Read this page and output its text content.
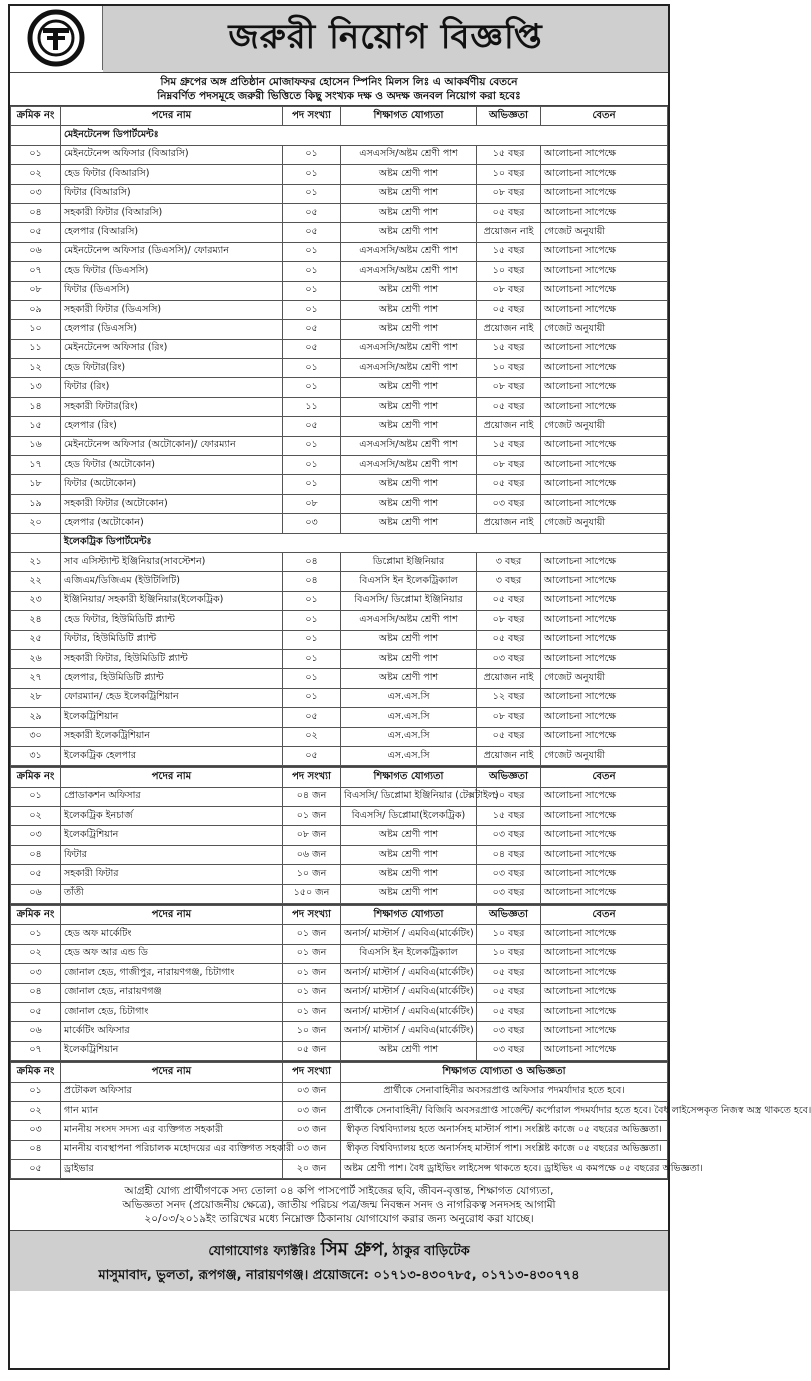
জরুরী নিয়োগ বিজ্ঞপ্তি
সিম গ্রুপের অঙ্গ প্রতিষ্ঠান মোজাফফর হোসেন স্পিনিং মিলস লিঃ এ আকর্ষণীয় বেতনে
নিম্নবর্ণিত পদসমূহে জরুরী ভিত্তিতে কিছু সংখ্যক দক্ষ ও অদক্ষ জনবল নিয়োগ করা হবেঃ
ক্রমিক নং	পদের নাম	পদ সংখ্যা	শিক্ষাগত যোগ্যতা	অভিজ্ঞতা	বেতন
	মেইনটেনেন্স ডিপার্টমেন্টঃ				
০১	মেইনটেনেন্স অফিসার (বিআরসি)	০১	এসএসসি/অষ্টম শ্রেণী পাশ	১৫ বছর	আলোচনা সাপেক্ষে
০২	হেড ফিটার (বিআরসি)	০১	অষ্টম শ্রেণী পাশ	১০ বছর	আলোচনা সাপেক্ষে
০৩	ফিটার (বিআরসি)	০১	অষ্টম শ্রেণী পাশ	০৮ বছর	আলোচনা সাপেক্ষে
০৪	সহকারী ফিটার (বিআরসি)	০৫	অষ্টম শ্রেণী পাশ	০৫ বছর	আলোচনা সাপেক্ষে
০৫	হেলপার (বিআরসি)	০৫	অষ্টম শ্রেণী পাশ	প্রয়োজন নাই	গেজেট অনুযায়ী
০৬	মেইনটেনেন্স অফিসার (ডিএসসি)/ ফোরম্যান	০১	এসএসসি/অষ্টম শ্রেণী পাশ	১৫ বছর	আলোচনা সাপেক্ষে
০৭	হেড ফিটার (ডিএসসি)	০১	এসএসসি/অষ্টম শ্রেণী পাশ	১০ বছর	আলোচনা সাপেক্ষে
০৮	ফিটার (ডিএসসি)	০১	অষ্টম শ্রেণী পাশ	০৮ বছর	আলোচনা সাপেক্ষে
০৯	সহকারী ফিটার (ডিএসসি)	০১	অষ্টম শ্রেণী পাশ	০৫ বছর	আলোচনা সাপেক্ষে
১০	হেলপার (ডিএসসি)	০৫	অষ্টম শ্রেণী পাশ	প্রয়োজন নাই	গেজেট অনুযায়ী
১১	মেইনটেনেন্স অফিসার (রিং)	০৫	এসএসসি/অষ্টম শ্রেণী পাশ	১৫ বছর	আলোচনা সাপেক্ষে
১২	হেড ফিটার(রিং)	০১	এসএসসি/অষ্টম শ্রেণী পাশ	১০ বছর	আলোচনা সাপেক্ষে
১৩	ফিটার (রিং)	০১	অষ্টম শ্রেণী পাশ	০৮ বছর	আলোচনা সাপেক্ষে
১৪	সহকারী ফিটার(রিং)	১১	অষ্টম শ্রেণী পাশ	০৫ বছর	আলোচনা সাপেক্ষে
১৫	হেলপার (রিং)	০৫	অষ্টম শ্রেণী পাশ	প্রয়োজন নাই	গেজেট অনুযায়ী
১৬	মেইনটেনেন্স অফিসার (অটোকোন)/ ফোরম্যান	০১	এসএসসি/অষ্টম শ্রেণী পাশ	১৫ বছর	আলোচনা সাপেক্ষে
১৭	হেড ফিটার (অটোকোন)	০১	এসএসসি/অষ্টম শ্রেণী পাশ	০৮ বছর	আলোচনা সাপেক্ষে
১৮	ফিটার (অটোকোন)	০১	অষ্টম শ্রেণী পাশ	০৫ বছর	আলোচনা সাপেক্ষে
১৯	সহকারী ফিটার (অটোকোন)	০৮	অষ্টম শ্রেণী পাশ	০৩ বছর	আলোচনা সাপেক্ষে
২০	হেলপার (অটোকোন)	০৩	অষ্টম শ্রেণী পাশ	প্রয়োজন নাই	গেজেট অনুযায়ী
	ইলেকট্রিক ডিপার্টমেন্টঃ				
২১	সাব এসিস্ট্যান্ট ইঞ্জিনিয়ার(সাবস্টেশন)	০৪	ডিপ্লোমা ইঞ্জিনিয়ার	৩ বছর	আলোচনা সাপেক্ষে
২২	এজিএম/ডিজিএম (ইউটিলিটি)	০৪	বিএসসি ইন ইলেকট্রিক্যাল	৩ বছর	আলোচনা সাপেক্ষে
২৩	ইঞ্জিনিয়ার/ সহকারী ইঞ্জিনিয়ার(ইলেকট্রিক)	০১	বিএসসি/ ডিপ্লোমা ইঞ্জিনিয়ার	০৫ বছর	আলোচনা সাপেক্ষে
২৪	হেড ফিটার, হিউমিডিটি প্ল্যান্ট	০১	এসএসসি/অষ্টম শ্রেণী পাশ	০৮ বছর	আলোচনা সাপেক্ষে
২৫	ফিটার, হিউমিডিটি প্ল্যান্ট	০১	অষ্টম শ্রেণী পাশ	০৫ বছর	আলোচনা সাপেক্ষে
২৬	সহকারী ফিটার, হিউমিডিটি প্ল্যান্ট	০১	অষ্টম শ্রেণী পাশ	০৩ বছর	আলোচনা সাপেক্ষে
২৭	হেলপার, হিউমিডিটি প্ল্যান্ট	০১	অষ্টম শ্রেণী পাশ	প্রয়োজন নাই	গেজেট অনুযায়ী
২৮	ফোরম্যান/ হেড ইলেকট্রিশিয়ান	০১	এস.এস.সি	১২ বছর	আলোচনা সাপেক্ষে
২৯	ইলেকট্রিশিয়ান	০৫	এস.এস.সি	০৮ বছর	আলোচনা সাপেক্ষে
৩০	সহকারী ইলেকট্রিশিয়ান	০২	এস.এস.সি	০৫ বছর	আলোচনা সাপেক্ষে
৩১	ইলেকট্রিক হেলপার	০৫	এস.এস.সি	প্রয়োজন নাই	গেজেট অনুযায়ী
ক্রমিক নং	পদের নাম	পদ সংখ্যা	শিক্ষাগত যোগ্যতা	অভিজ্ঞতা	বেতন
০১	প্রোডাকশন অফিসার	০৪ জন	বিএসসি/ ডিপ্লোমা ইঞ্জিনিয়ার (টেক্সটাইল)	১০ বছর	আলোচনা সাপেক্ষে
০২	ইলেকট্রিক ইনচার্জ	০১ জন	বিএসসি/ ডিপ্লোমা(ইলেকট্রিক)	১৫ বছর	আলোচনা সাপেক্ষে
০৩	ইলেকট্রিশিয়ান	০৮ জন	অষ্টম শ্রেণী পাশ	০৩ বছর	আলোচনা সাপেক্ষে
০৪	ফিটার	০৬ জন	অষ্টম শ্রেণী পাশ	০৪ বছর	আলোচনা সাপেক্ষে
০৫	সহকারী ফিটার	১০ জন	অষ্টম শ্রেণী পাশ	০৩ বছর	আলোচনা সাপেক্ষে
০৬	তাঁতী	১৫০ জন	অষ্টম শ্রেণী পাশ	০৩ বছর	আলোচনা সাপেক্ষে
ক্রমিক নং	পদের নাম	পদ সংখ্যা	শিক্ষাগত যোগ্যতা	অভিজ্ঞতা	বেতন
০১	হেড অফ মার্কেটিং	০১ জন	অনার্স/ মাস্টার্স / এমবিএ(মার্কেটিং)	১০ বছর	আলোচনা সাপেক্ষে
০২	হেড অফ আর এন্ড ডি	০১ জন	বিএসসি ইন ইলেকট্রিক্যাল	১০ বছর	আলোচনা সাপেক্ষে
০৩	জোনাল হেড, গাজীপুর, নারায়ণগঞ্জ, চিটাগাং	০১ জন	অনার্স/ মাস্টার্স / এমবিএ(মার্কেটিং)	০৫ বছর	আলোচনা সাপেক্ষে
০৪	জোনাল হেড, নারায়ণগঞ্জ	০১ জন	অনার্স/ মাস্টার্স / এমবিএ(মার্কেটিং)	০৫ বছর	আলোচনা সাপেক্ষে
০৫	জোনাল হেড, চিটাগাং	০১ জন	অনার্স/ মাস্টার্স / এমবিএ(মার্কেটিং)	০৫ বছর	আলোচনা সাপেক্ষে
০৬	মার্কেটিং অফিসার	১০ জন	অনার্স/ মাস্টার্স / এমবিএ(মার্কেটিং)	০৩ বছর	আলোচনা সাপেক্ষে
০৭	ইলেকট্রিশিয়ান	০৫ জন	অষ্টম শ্রেণী পাশ	০৩ বছর	আলোচনা সাপেক্ষে
ক্রমিক নং	পদের নাম	পদ সংখ্যা	শিক্ষাগত যোগ্যতা ও অভিজ্ঞতা
০১	প্রটোকল অফিসার	০৩ জন	প্রার্থীকে সেনাবাহিনীর অবসরপ্রাপ্ত অফিসার পদমর্যাদার হতে হবে।
০২	গান ম্যান	০৩ জন	প্রার্থীকে সেনাবাহিনী/ বিজিবি অবসরপ্রাপ্ত সার্জেন্ট/ কর্পোরাল পদমর্যাদার হতে হবে। বৈধ লাইসেন্সকৃত নিজস্ব অস্ত্র থাকতে হবে।
০৩	মাননীয় সংসদ সদস্য এর ব্যক্তিগত সহকারী	০৩ জন	স্বীকৃত বিশ্ববিদ্যালয় হতে অনার্সসহ মাস্টার্স পাশ। সংশ্লিষ্ট কাজে ০৫ বছরের অভিজ্ঞতা।
০৪	মাননীয় ব্যবস্থাপনা পরিচালক মহোদয়ের এর ব্যক্তিগত সহকারী	০৩ জন	স্বীকৃত বিশ্ববিদ্যালয় হতে অনার্সসহ মাস্টার্স পাশ। সংশ্লিষ্ট কাজে ০৫ বছরের অভিজ্ঞতা।
০৫	ড্রাইভার	২০ জন	অষ্টম শ্রেণী পাশ। বৈধ ড্রাইভিং লাইসেন্স থাকতে হবে। ড্রাইভিং এ কমপক্ষে ০৫ বছরের অভিজ্ঞতা।
আগ্রহী যোগ্য প্রার্থীগণকে সদ্য তোলা ০৪ কপি পাসপোর্ট সাইজের ছবি, জীবন-বৃত্তান্ত, শিক্ষাগত যোগ্যতা,
অভিজ্ঞতা সনদ (প্রয়োজনীয় ক্ষেত্রে), জাতীয় পরিচয় পত্র/জন্ম নিবন্ধন সনদ ও নাগরিকত্ব সনদসহ আগামী
২০/০৩/২০১৯ইং তারিখের মধ্যে নিম্নোক্ত ঠিকানায় যোগাযোগ করার জন্য অনুরোধ করা যাচ্ছে।
যোগাযোগঃ ফ্যাক্টরিঃ সিম গ্রুপ, ঠাকুর বাড়িটেক
মাসুমাবাদ, ভুলতা, রূপগঞ্জ, নারায়ণগঞ্জ। প্রয়োজনে: ০১৭১৩-৪৩০৭৮৫, ০১৭১৩-৪৩০৭৭৪
